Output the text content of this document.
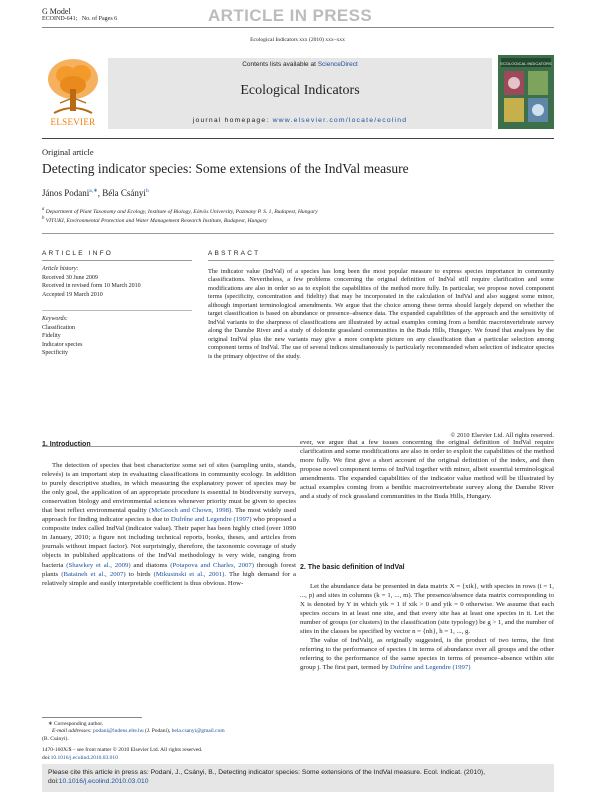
G Model
ECOIND-641; No. of Pages 6	ARTICLE IN PRESS
Ecological Indicators xxx (2010) xxx–xxx
ELSEVIER
Contents lists available at ScienceDirect
Ecological Indicators
journal homepage: www.elsevier.com/locate/ecolind
ECOLOGICAL INDICATORS
Original article
Detecting indicator species: Some extensions of the IndVal measure
János Podani$^{a,∗}$, Béla Csányi$^b$
$^a$ Department of Plant Taxonomy and Ecology, Institute of Biology, Eötvös University, Pazmany P. S. 1, Budapest, Hungary
$^b$ VITUKI, Environmental Protection and Water Management Research Institute, Budapest, Hungary
ARTICLE INFO
Article history:
Received 30 June 2009
Received in revised form 10 March 2010
Accepted 19 March 2010
Keywords:
Classification
Fidelity
Indicator species
Specificity
ABSTRACT
The indicator value (IndVal) of a species has long been the most popular measure to express species importance in community classifications. Nevertheless, a few problems concerning the original definition of IndVal still require clarification and some modifications are also in order so as to exploit the capabilities of the method more fully. In particular, we propose novel component terms (specificity, concentration and fidelity) that may be incorporated in the calculation of IndVal and also suggest some minor, although important terminological amendments. We argue that the choice among these terms should largely depend on whether the target classification is based on abundance or presence–absence data. The expanded capabilities of the approach and the sensitivity of IndVal variants to the sharpness of classifications are illustrated by actual examples coming from a benthic macroinvertebrate survey along the Danube River and a study of dolomite grassland communities in the Buda Hills, Hungary. We found that analyses by the original IndVal plus the new variants may give a more complete picture on any classification than a particular selection among component terms of IndVal. The use of several indices simultaneously is particularly recommended when selection of indicator species is the primary objective of the study.
© 2010 Elsevier Ltd. All rights reserved.
1. Introduction

The detection of species that best characterize some set of sites (sampling units, stands, relevés) is an important step in evaluating classifications in community ecology. In addition to purely descriptive studies, in which measuring the explanatory power of species may be the only goal, the application of an appropriate procedure is essential in biodiversity surveys, conservation biology and environmental sciences whenever priority must be given to species that best reflect environmental quality (McGeoch and Chown, 1998). The most widely used approach for finding indicator species is due to Dufrêne and Legendre (1997) who proposed a composite index called IndVal (indicator value). Their paper has been highly cited (over 1090 in January, 2010; a figure not including technical reports, books, theses, and articles from journals without impact factor). Not surprisingly, therefore, the taxonomic coverage of study objects in published applications of the IndVal methodology is very wide, ranging from bacteria (Shawkey et al., 2009) and diatoms (Potapova and Charles, 2007) through forest plants (Bataineh et al., 2007) to birds (Mikusinski et al., 2001). The high demand for a relatively simple and easily interpretable coefficient is thus obvious. How-

ever, we argue that a few issues concerning the original definition of IndVal require clarification and some modifications are also in order to exploit the capabilities of the method more fully. We first give a short account of the original definition of the index, and then propose novel component terms of IndVal together with minor, albeit essential terminological amendments. The expanded capabilities of the indicator value method will be illustrated by actual examples coming from a benthic macroinvertebrate survey along the Danube River and a study of rock grassland communities in the Buda Hills, Hungary.
2. The basic definition of IndVal

Let the abundance data be presented in data matrix X = {xik}, with species in rows (i = 1, ..., p) and sites in columns (k = 1, ..., m). The presence/absence data matrix corresponding to X is denoted by Y in which yik = 1 if xik > 0 and yik = 0 otherwise. We assume that each species occurs in at least one site, and that every site has at least one species in it. Let the number of groups (or clusters) in the classification (site typology) be g > 1, and the number of sites in the classes be specified by vector n = {nh}, h = 1, ..., g.

The value of IndValij, as originally suggested, is the product of two terms, the first referring to the performance of species i in terms of abundance over all groups and the other referring to the performance of the same species in terms of presence–absence within site group j. The first part, termed by Dufrêne and Legendre (1997)

∗ Corresponding author.
E-mail addresses: podani@ludens.elte.hu (J. Podani), bela.csanyi@gmail.com
(B. Csányi).
1470-160X/$ – see front matter © 2010 Elsevier Ltd. All rights reserved.
doi:10.1016/j.ecolind.2010.03.010
Please cite this article in press as: Podani, J., Csányi, B., Detecting indicator species: Some extensions of the IndVal measure. Ecol. Indicat. (2010), doi:10.1016/j.ecolind.2010.03.010
